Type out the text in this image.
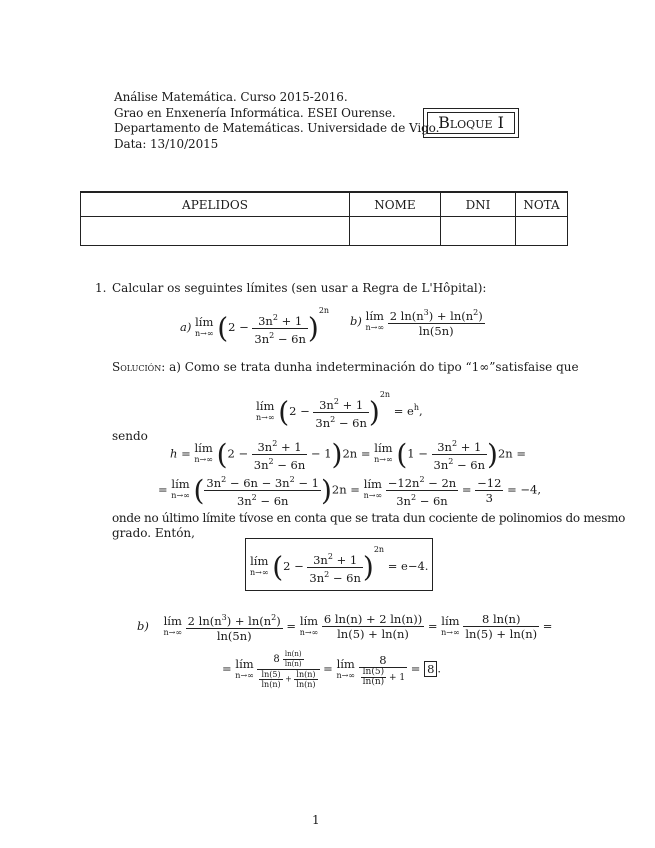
Análise Matemática. Curso 2015-2016.
Grao en Enxenería Informática. ESEI Ourense.
Departamento de Matemáticas. Universidade de Vigo.
Data: 13/10/2015
Bloque I
APELIDOS	NOME	DNI	NOTA

1. Calcular os seguintes límites (sen usar a Regra de L'Hôpital):
a) lím
n→∞ $(2 - \frac{3n^2 + 1}{3n^2 - 6n} )^{2n}$
b) lím
n→∞
$\frac{2 \ln(n^3) + \ln(n^2)}{\ln(5n)}$
Solución: a) Como se trata dunha indeterminación do tipo “1∞”satisfaise que
lím
n→∞ $(2 - \frac{3n^2 + 1}{3n^2 - 6n} )^{2n} = e^h$,
sendo
h = lím
n→∞ $(2 - \frac{3n^2 + 1}{3n^2 - 6n} - 1)2n$ = lím
n→∞ $(1 - \frac{3n^2 + 1}{3n^2 - 6n} )2n$ =
= lím
n→∞ ( $\frac{3n^2 - 6n - 3n^2 - 1}{3n^2 - 6n} )2n$ = lím
n→∞
$\frac{-12n^2 - 2n}{3n^2 - 6n} = \frac{-12}{3} = -4$,
onde no último límite tívose en conta que se trata dun cociente de polinomios do mesmo
grado. Entón,
lím
n→∞ $(2 - \frac{3n^2 + 1}{3n^2 - 6n} )^{2n} = e-4$.
b) lím
n→∞
$\frac{2 \ln(n^3) + \ln(n^2)}{\ln(5n)}$ = lím
n→∞
$\frac{6 \ln(n) + 2 \ln(n))}{\ln(5) + \ln(n)}$ = lím
n→∞
$\frac{8 \ln(n)}{\ln(5) + \ln(n)}$ =
= lím
n→∞
$\frac{8 \frac{\ln(n)}{\ln(n)}}{\frac{\ln(5)}{\ln(n)} + \frac{\ln(n)}{\ln(n)}}$ = lím
n→∞
$\frac{8}{\frac{\ln(5)}{\ln(n)} + 1} = 8$ .
1
